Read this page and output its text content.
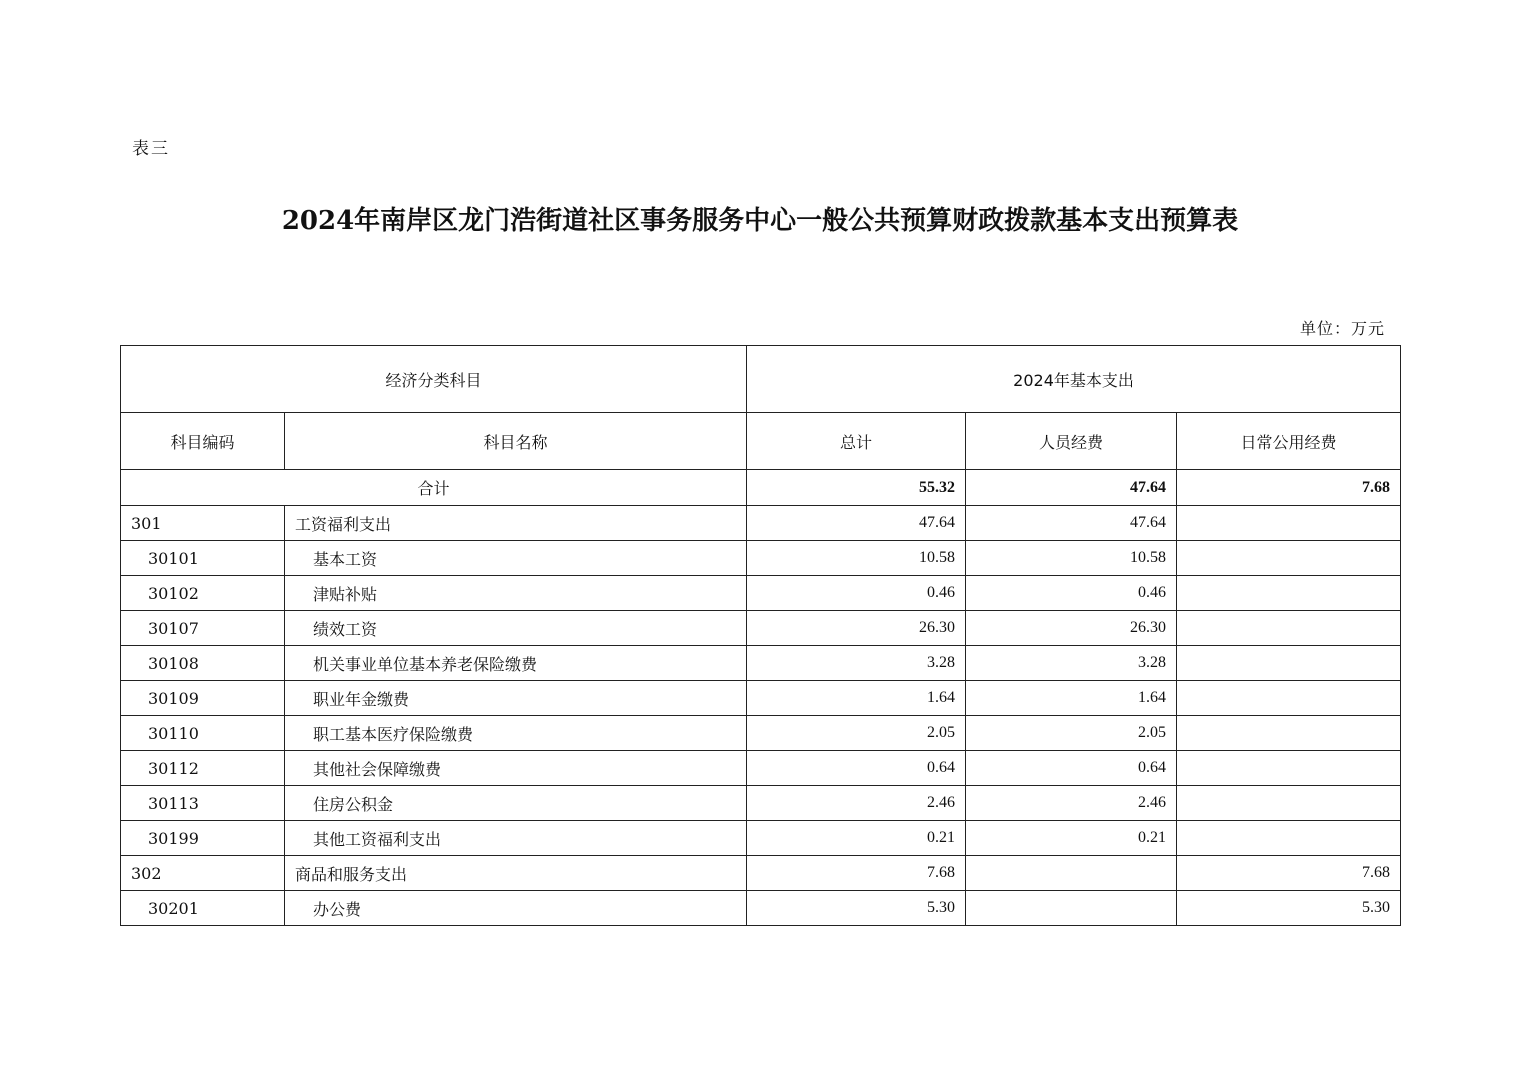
表三
2024年南岸区龙门浩街道社区事务服务中心一般公共预算财政拨款基本支出预算表
单位：万元
经济分类科目		2024年基本支出		
科目编码	科目名称	总计	人员经费	日常公用经费
合计		55.32	47.64	7.68
301	工资福利支出	47.64	47.64	
30101	基本工资	10.58	10.58	
30102	津贴补贴	0.46	0.46	
30107	绩效工资	26.30	26.30	
30108	机关事业单位基本养老保险缴费	3.28	3.28	
30109	职业年金缴费	1.64	1.64	
30110	职工基本医疗保险缴费	2.05	2.05	
30112	其他社会保障缴费	0.64	0.64	
30113	住房公积金	2.46	2.46	
30199	其他工资福利支出	0.21	0.21	
302	商品和服务支出	7.68		7.68
30201	办公费	5.30		5.30
